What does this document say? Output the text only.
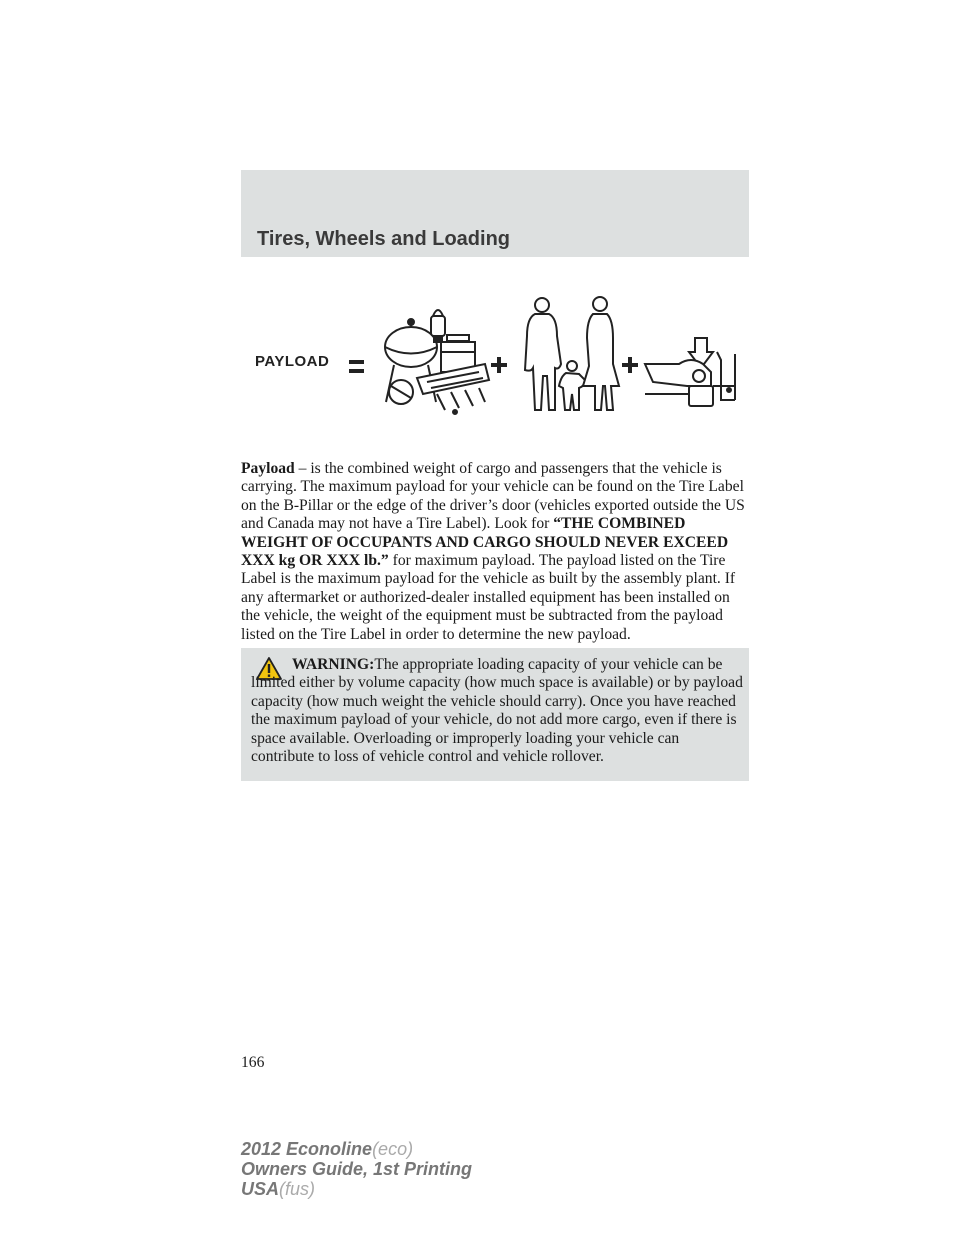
Tires, Wheels and Loading
PAYLOAD

Payload – is the combined weight of cargo and passengers that the vehicle is carrying. The maximum payload for your vehicle can be found on the Tire Label on the B-Pillar or the edge of the driver’s door (vehicles exported outside the US and Canada may not have a Tire Label). Look for “THE COMBINED WEIGHT OF OCCUPANTS AND CARGO SHOULD NEVER EXCEED XXX kg OR XXX lb.” for maximum payload. The payload listed on the Tire Label is the maximum payload for the vehicle as built by the assembly plant. If any aftermarket or authorized-dealer installed equipment has been installed on the vehicle, the weight of the equipment must be subtracted from the payload listed on the Tire Label in order to determine the new payload.

WARNING:The appropriate loading capacity of your vehicle can be limited either by volume capacity (how much space is available) or by payload capacity (how much weight the vehicle should carry). Once you have reached the maximum payload of your vehicle, do not add more cargo, even if there is space available. Overloading or improperly loading your vehicle can contribute to loss of vehicle control and vehicle rollover.

166
2012 Econoline(eco)
Owners Guide, 1st Printing
USA(fus)
